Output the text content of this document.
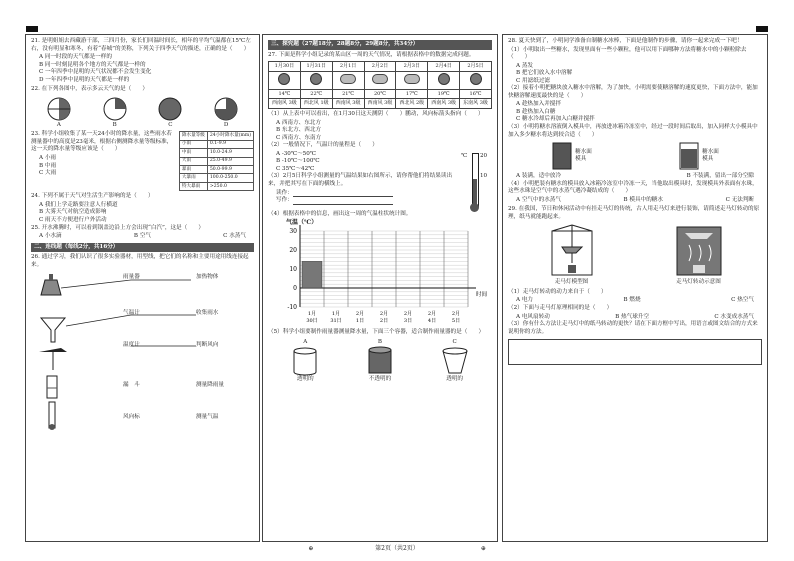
21. 是明姐姐去西藏游干部，三四月份，家长们回温时间长，相年的平均气温都在15℃左右，没有明显和寒冬，有着“春城”的美称，下列关于四季天气的描述，正确的是（　　）
A 同一时段的天气都是一样的
B 同一时刻昆明各个地方的天气都是一样的
C 一年四季中昆明的天气状况都不会发生变化
D 一年四季中昆明的天气都是一样的
22. 在下列各图中，表示多云天气的是（　　）
A	B	C	D
23. 科学小组收集了某一天24小时的降水量，这些雨水若测量器中的高度是23毫米，根据右侧测降水量等级标准，这一天的降水量等级应该是（　　）
A 小雨
B 中雨
C 大雨
降水量等级	24小时降水量(mm)
小雨	0.1-9.9
中雨	10.0-24.9
大雨	25.0-49.9
暴雨	50.0-99.9
大暴雨	100.0-250.0
特大暴雨	>250.0
24. 下列不属于天气对生活生产影响的是（　　）
A 我们上学走路要注意人行横道
B 大雾天气对航空造成影响
C 雨天不方便进行户外活动
25. 开水沸腾时，可以看到锅盖边沿上方会出现“白汽”，这是（　　）
A 小水滴	B 空气	C 水蒸气
二、连线题（每线2分，共16分）
26. 通过学习，我们认识了很多实验器材，用型线，把它们的名称和主要用途用线连接起来。
雨量器
气温计
温度计
漏　斗
风向标
加热物体
收集雨水
判断风向
测量降雨量
测量气温
三、探究题（27题18分，28题8分，29题8分，共34分）
27. 下面是科学小组记录的某山区一周的天气情况，请根据表格中的数据完成问题。
1月30日	1月31日	2月1日	2月2日	2月3日	2月4日	2月5日

14℃	22℃	21℃	20℃	17℃	19℃	16℃
西南风 3级	西北风 1级	西南风 3级	西南风 3级	西北风 2级	西南风 3级	东南风 3级
（1）从上表中可以看出，在1月30日这天测阴（　　）鹏动，风向标箭头指向（　　）
A 西南方、东北方
B 东北方、西北方
C 西南方、东南方
（2）一般情况下，气温计的量程是（　　）
A -30℃～50℃
B -10℃～100℃
C 35℃～42℃
（3）2月5日科学小组测量的气温结果如右图所示，请你帮他们将结果读出来，并把其写在下面的横线上。
读作：
写作：
20
10
℃
（4）根据表格中的信息，画出这一周的气温柱状统计图。
气温（℃）
30
20
10
0
-10
1月	1月	2月	2月	2月	2月	2月
30日	31日	1日	2日	3日	4日	5日
时间
（5）科学小组要制作雨量器测量降水量，下面三个容器，适合制作雨量器的是（　　）
A
透明的
B
不透明的
C
透明的
28. 夏天快到了，小明同学准备自制糖水冰棒，下面是他制作的步骤，请你一起来完成一下吧！
（1）小明取出一些糖水，发现里面有一些小颗粒，他可以用下面哪种方法将糖水中的小颗粒除去（　　）
A 蒸发
B 把它们放入水中溶解
C 用滤纸过滤
（2）接着小明把糖块放入糖水中溶解，为了加快，小明需要使糖溶解的速度更快，下面方法中，能加快糖溶解速度最快的是（　　）
A 趁热加入并搅拌
B 趁热加入白糖
C 糖水冷却后再加入白糖并搅拌
（3）小明将糖水溶液倒入模具中，再放进冰箱冷冻室中，经过一段时间后取出，加入同样大小模具中加入多少糖水将达到较合适（　　）
糖水面
模具
糖水面
模具
A 装满，适中放冷	B 不装满，留出一部分空隙
（4）小明把装有糖水的模具放入冰箱冷冻室中冷冻一天，当他取出模具时，发现模具外表面有水珠，这些水珠是空气中的水蒸气遇冷凝结成的（　　）
A 空气中的水蒸气	B 模具中的糖水	C 无法判断
29. 在我国，节日和休闲活动中有挂走马灯的传统，古人用走马灯来进行装饰，请简述走马灯转动的原理，纸马就能跑起来。
走马灯模型图	走马灯转动示意图
（1）走马灯转动的动力来自于（　　）
A 电力	B 燃烧	C 热空气
（2）下面与走马灯原理相同的是（　　）
A 电风扇转动	B 热气球升空	C 水变成水蒸气
（3）你有什么方法让走马灯中的纸马转动的更快？请在下面方框中写出，用语言或图文结合的方式来说明你的方法。
⊕	第2页（共2页）	⊕
